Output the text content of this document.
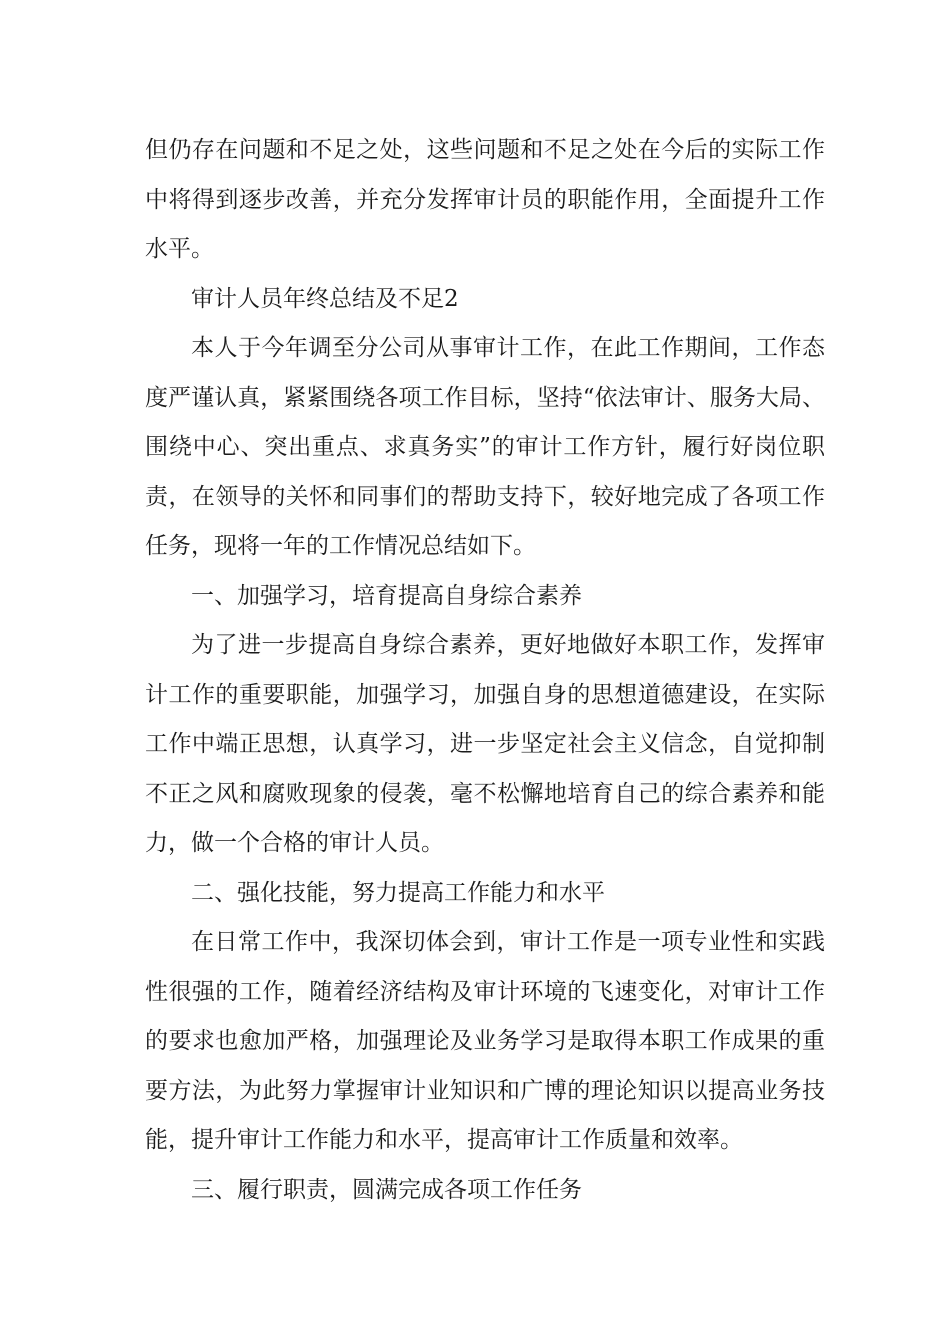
但仍存在问题和不足之处，这些问题和不足之处在今后的实际工作中将得到逐步改善，并充分发挥审计员的职能作用，全面提升工作水平。

审计人员年终总结及不足2

本人于今年调至分公司从事审计工作，在此工作期间，工作态度严谨认真，紧紧围绕各项工作目标，坚持“依法审计、服务大局、围绕中心、突出重点、求真务实”的审计工作方针，履行好岗位职责，在领导的关怀和同事们的帮助支持下，较好地完成了各项工作任务，现将一年的工作情况总结如下。

一、加强学习，培育提高自身综合素养

为了进一步提高自身综合素养，更好地做好本职工作，发挥审计工作的重要职能，加强学习，加强自身的思想道德建设，在实际工作中端正思想，认真学习，进一步坚定社会主义信念，自觉抑制不正之风和腐败现象的侵袭，毫不松懈地培育自己的综合素养和能力，做一个合格的审计人员。

二、强化技能，努力提高工作能力和水平

在日常工作中，我深切体会到，审计工作是一项专业性和实践性很强的工作，随着经济结构及审计环境的飞速变化，对审计工作的要求也愈加严格，加强理论及业务学习是取得本职工作成果的重要方法，为此努力掌握审计业知识和广博的理论知识以提高业务技能，提升审计工作能力和水平，提高审计工作质量和效率。

三、履行职责，圆满完成各项工作任务
